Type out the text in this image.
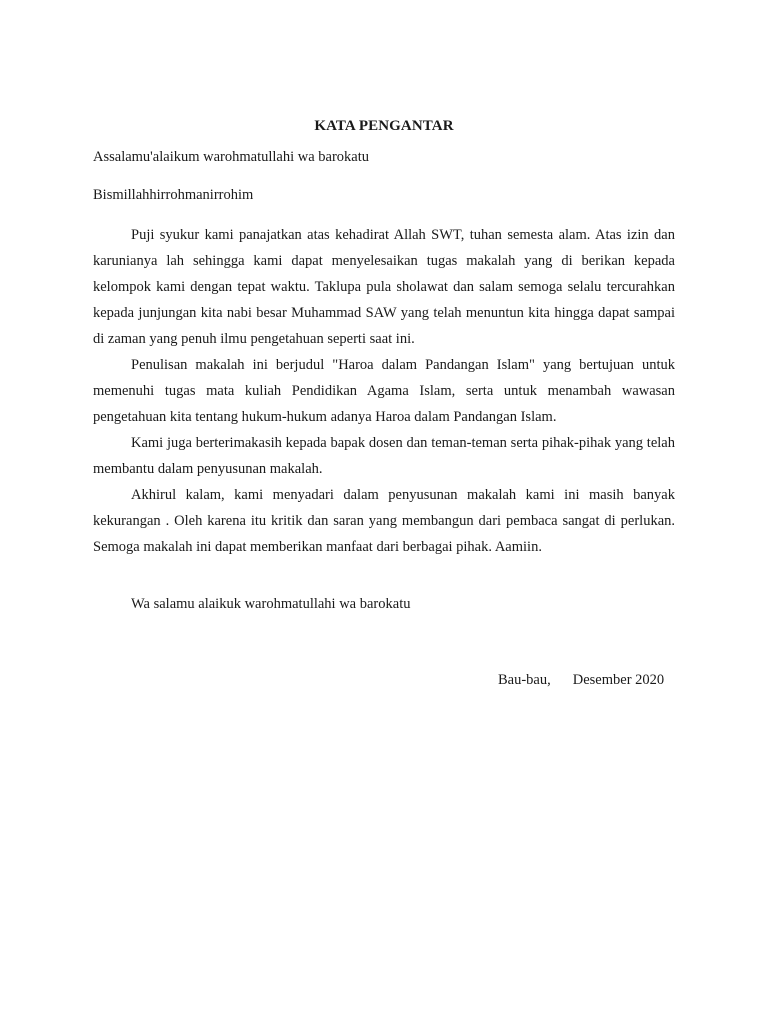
KATA PENGANTAR
Assalamu'alaikum warohmatullahi wa barokatu
Bismillahhirrohmanirrohim

Puji syukur kami panajatkan atas kehadirat Allah SWT, tuhan semesta alam. Atas izin dan karunianya lah sehingga kami dapat menyelesaikan tugas makalah yang di berikan kepada kelompok kami dengan tepat waktu. Taklupa pula sholawat dan salam semoga selalu tercurahkan kepada junjungan kita nabi besar Muhammad SAW yang telah menuntun kita hingga dapat sampai di zaman yang penuh ilmu pengetahuan seperti saat ini.

Penulisan makalah ini berjudul "Haroa dalam Pandangan Islam" yang bertujuan untuk memenuhi tugas mata kuliah Pendidikan Agama Islam, serta untuk menambah wawasan pengetahuan kita tentang hukum-hukum adanya Haroa dalam Pandangan Islam.

Kami juga berterimakasih kepada bapak dosen dan teman-teman serta pihak-pihak yang telah membantu dalam penyusunan makalah.

Akhirul kalam, kami menyadari dalam penyusunan makalah kami ini masih banyak kekurangan . Oleh karena itu kritik dan saran yang membangun dari pembaca sangat di perlukan. Semoga makalah ini dapat memberikan manfaat dari berbagai pihak. Aamiin.

Wa salamu alaikuk warohmatullahi wa barokatu
Bau-bau, Desember 2020
